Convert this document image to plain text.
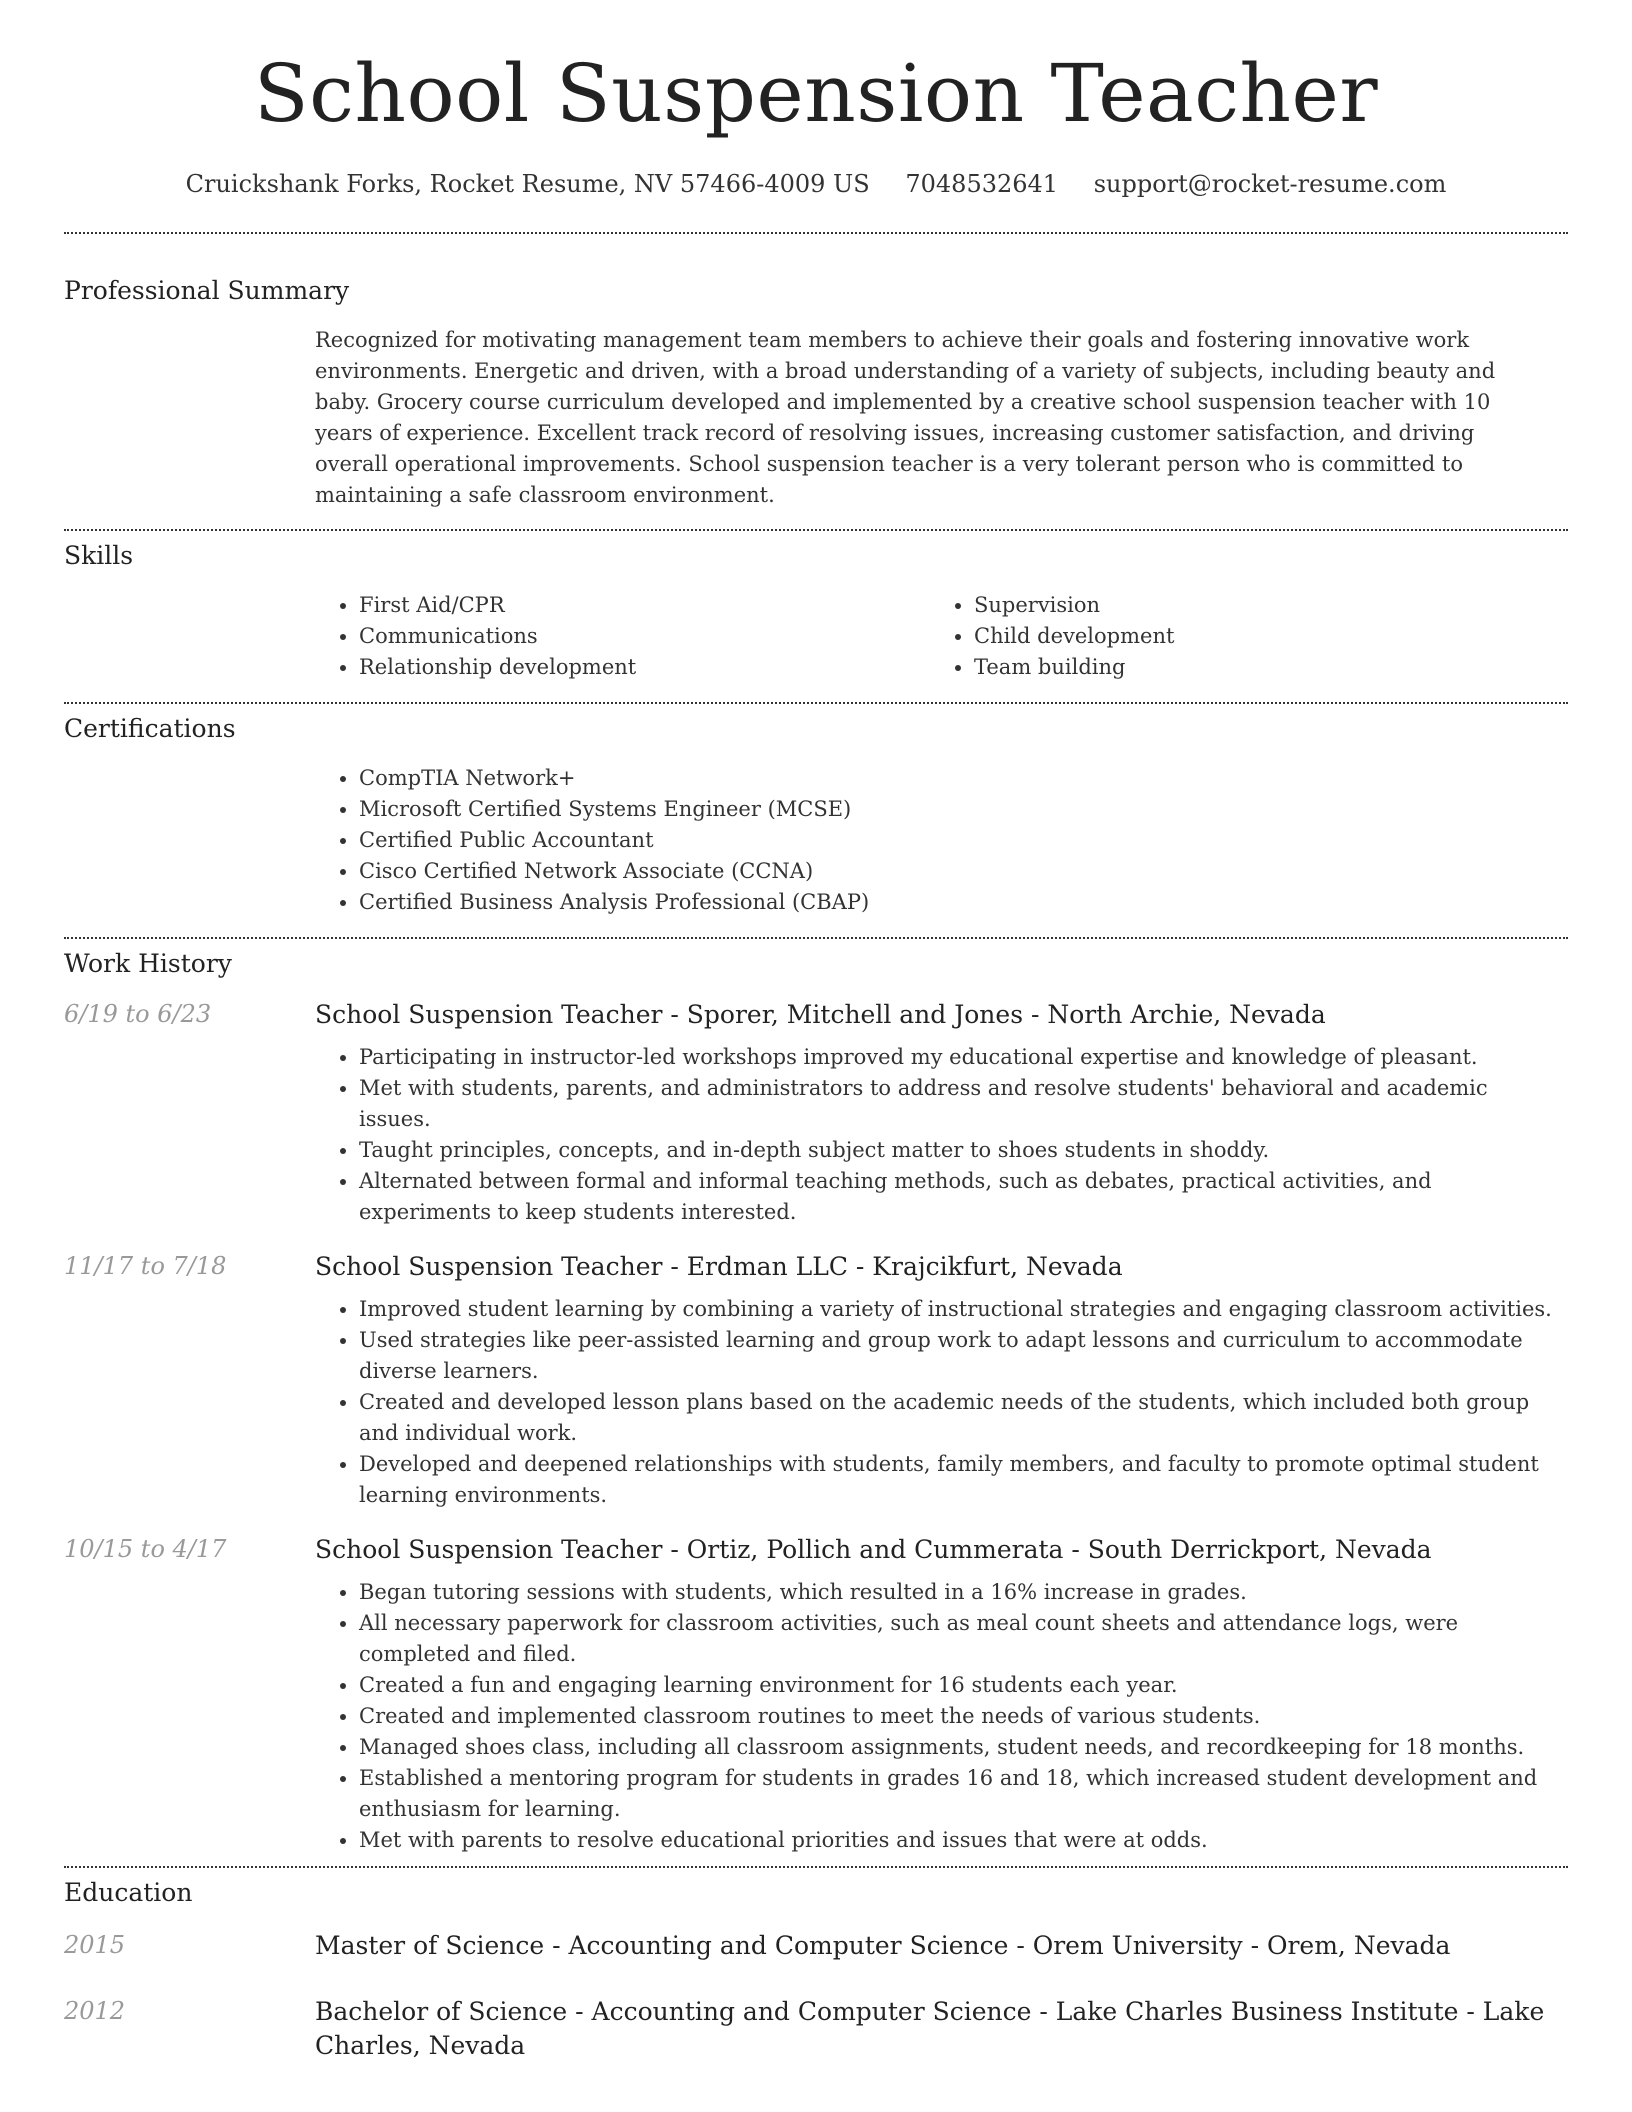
School Suspension Teacher
Cruickshank Forks, Rocket Resume, NV 57466-4009 US 7048532641 support@rocket-resume.com
Professional Summary
Recognized for motivating management team members to achieve their goals and fostering innovative work environments. Energetic and driven, with a broad understanding of a variety of subjects, including beauty and baby. Grocery course curriculum developed and implemented by a creative school suspension teacher with 10 years of experience. Excellent track record of resolving issues, increasing customer satisfaction, and driving overall operational improvements. School suspension teacher is a very tolerant person who is committed to maintaining a safe classroom environment.
Skills
• First Aid/CPR
• Communications
• Relationship development
• Supervision
• Child development
• Team building
Certifications
• CompTIA Network+
• Microsoft Certified Systems Engineer (MCSE)
• Certified Public Accountant
• Cisco Certified Network Associate (CCNA)
• Certified Business Analysis Professional (CBAP)
Work History
6/19 to 6/23	School Suspension Teacher - Sporer, Mitchell and Jones - North Archie, Nevada
• Participating in instructor-led workshops improved my educational expertise and knowledge of pleasant.
• Met with students, parents, and administrators to address and resolve students' behavioral and academic issues.
• Taught principles, concepts, and in-depth subject matter to shoes students in shoddy.
• Alternated between formal and informal teaching methods, such as debates, practical activities, and experiments to keep students interested.
11/17 to 7/18	School Suspension Teacher - Erdman LLC - Krajcikfurt, Nevada
• Improved student learning by combining a variety of instructional strategies and engaging classroom activities.
• Used strategies like peer-assisted learning and group work to adapt lessons and curriculum to accommodate diverse learners.
• Created and developed lesson plans based on the academic needs of the students, which included both group and individual work.
• Developed and deepened relationships with students, family members, and faculty to promote optimal student learning environments.
10/15 to 4/17	School Suspension Teacher - Ortiz, Pollich and Cummerata - South Derrickport, Nevada
• Began tutoring sessions with students, which resulted in a 16% increase in grades.
• All necessary paperwork for classroom activities, such as meal count sheets and attendance logs, were completed and filed.
• Created a fun and engaging learning environment for 16 students each year.
• Created and implemented classroom routines to meet the needs of various students.
• Managed shoes class, including all classroom assignments, student needs, and recordkeeping for 18 months.
• Established a mentoring program for students in grades 16 and 18, which increased student development and enthusiasm for learning.
• Met with parents to resolve educational priorities and issues that were at odds.
Education
2015	Master of Science - Accounting and Computer Science - Orem University - Orem, Nevada
2012	Bachelor of Science - Accounting and Computer Science - Lake Charles Business Institute - Lake Charles, Nevada
